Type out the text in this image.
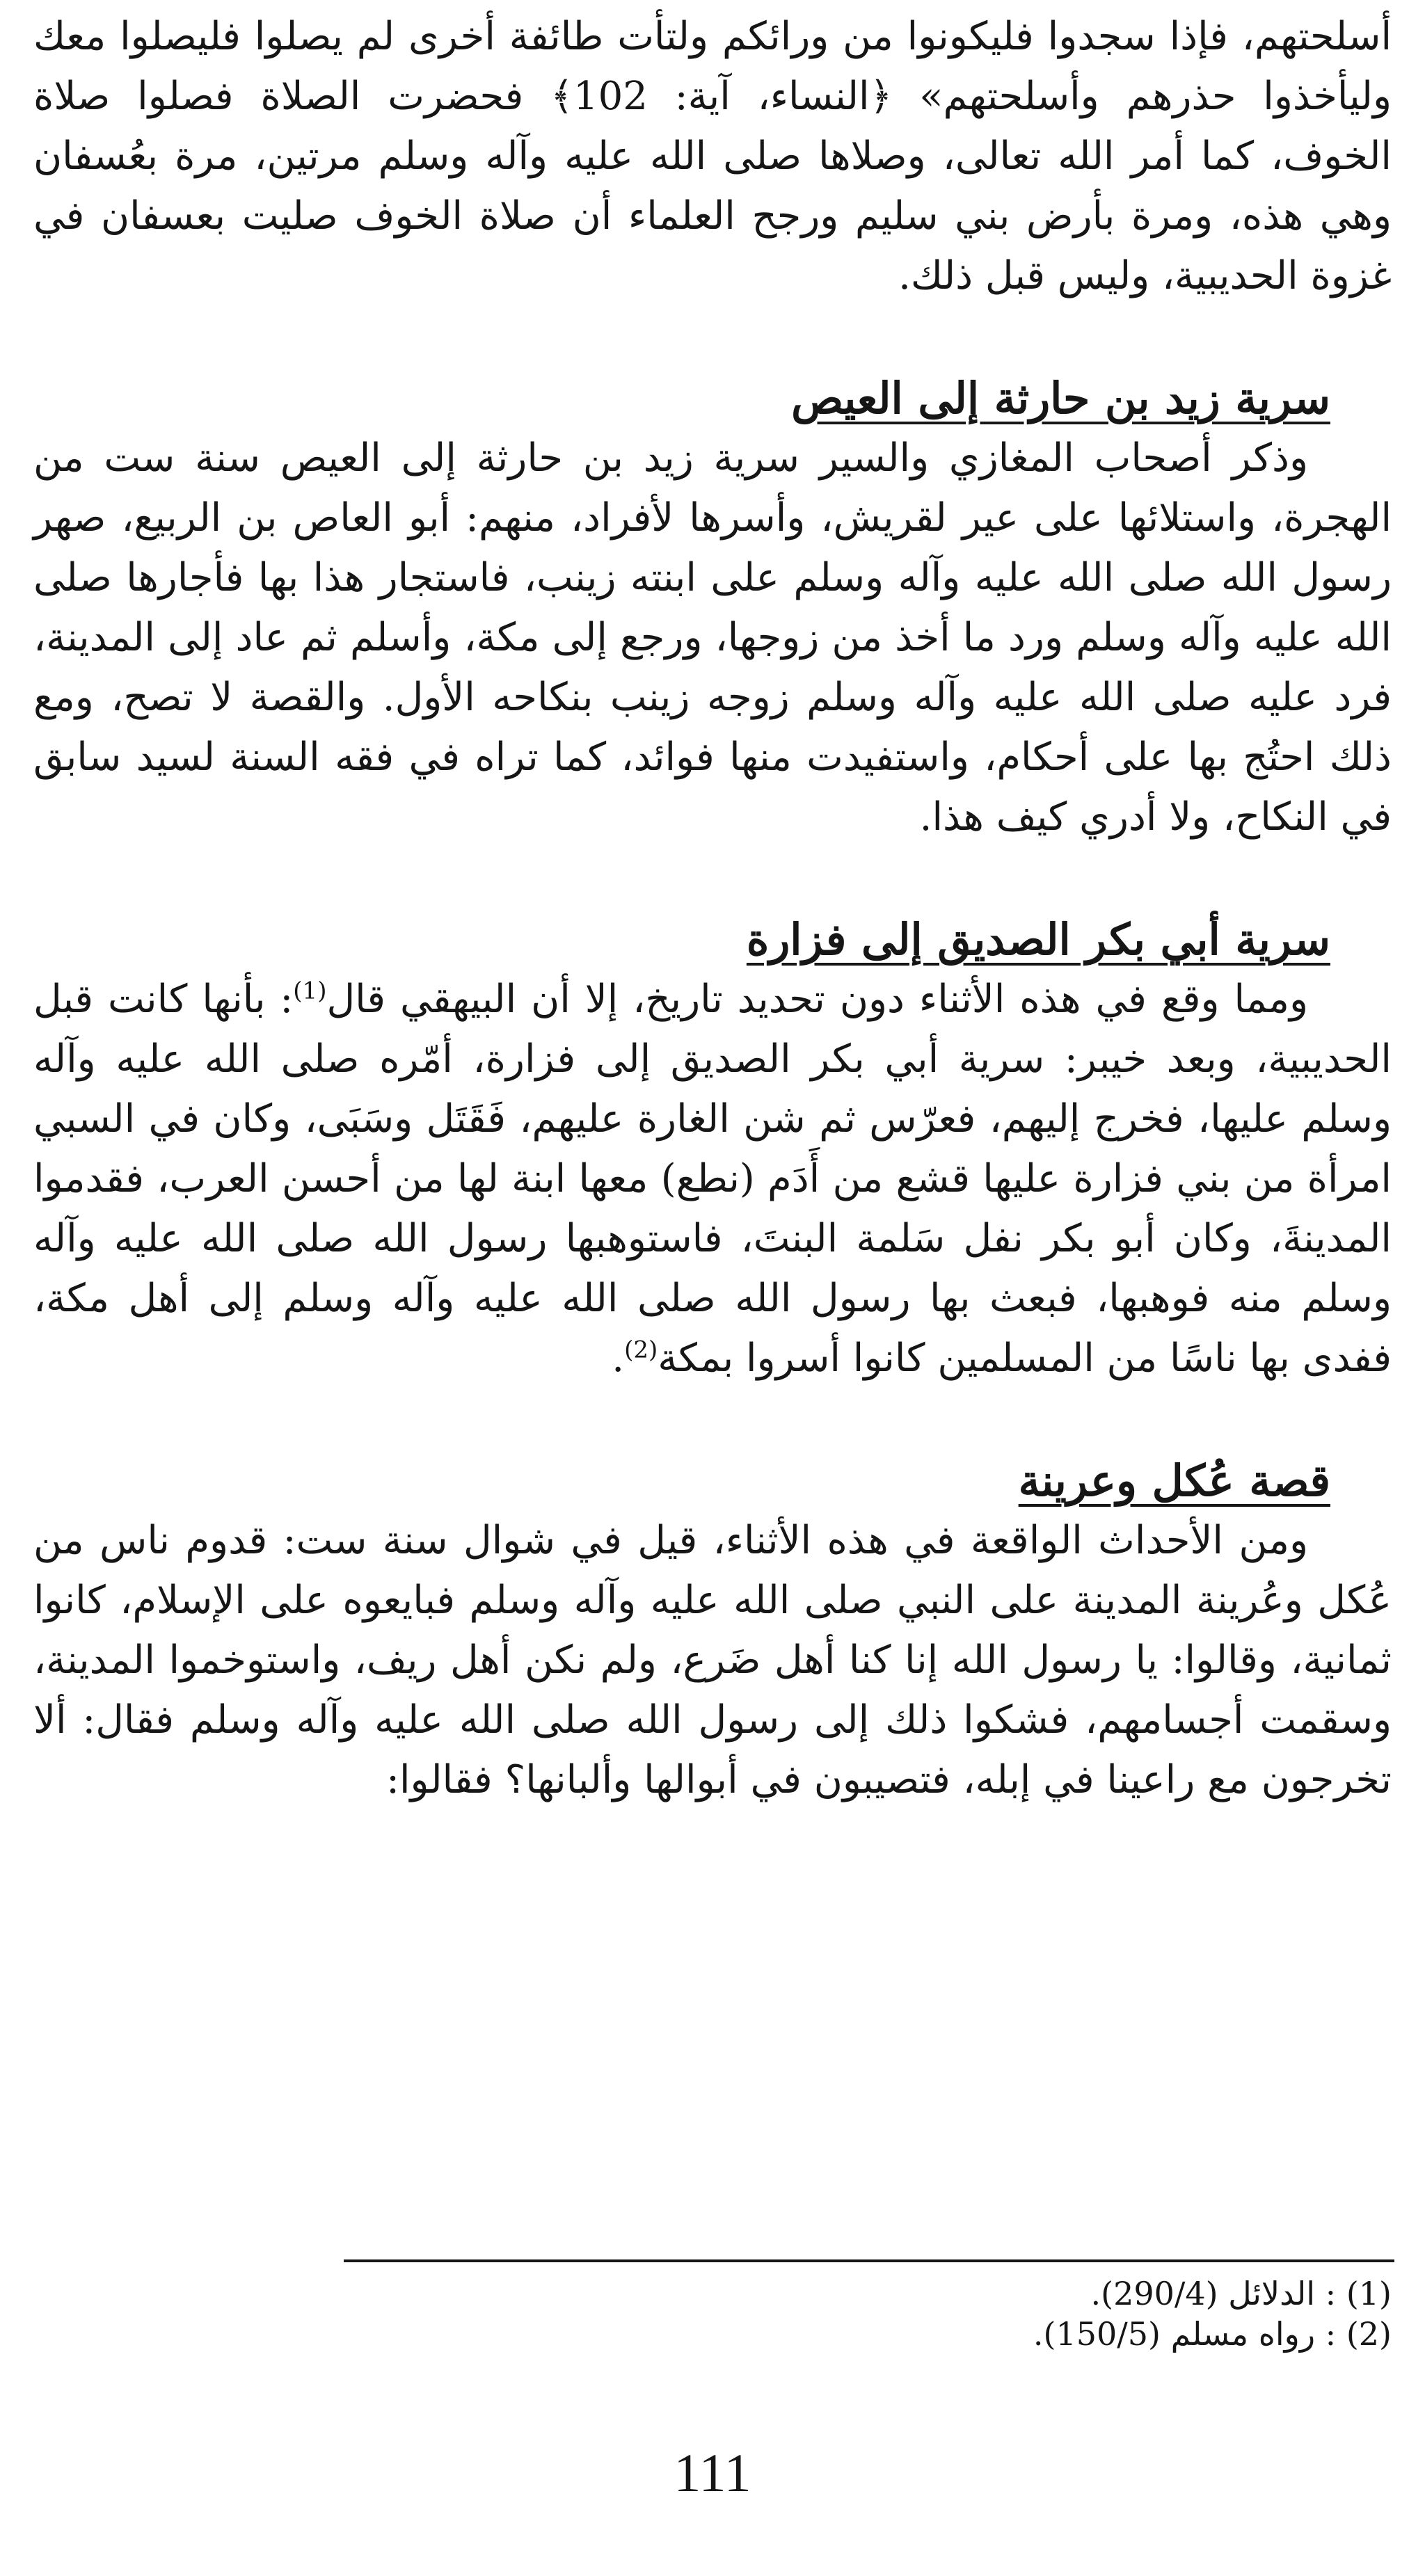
أسلحتهم، فإذا سجدوا فليكونوا من ورائكم ولتأت طائفة أخرى لم يصلوا فليصلوا معك وليأخذوا حذرهم وأسلحتهم» ﴿النساء، آية: 102﴾ فحضرت الصلاة فصلوا صلاة الخوف، كما أمر الله تعالى، وصلاها صلى الله عليه وآله وسلم مرتين، مرة بعُسفان وهي هذه، ومرة بأرض بني سليم ورجح العلماء أن صلاة الخوف صليت بعسفان في غزوة الحديبية، وليس قبل ذلك.

سرية زيد بن حارثة إلى العيص

وذكر أصحاب المغازي والسير سرية زيد بن حارثة إلى العيص سنة ست من الهجرة، واستلائها على عير لقريش، وأسرها لأفراد، منهم: أبو العاص بن الربيع، صهر رسول الله صلى الله عليه وآله وسلم على ابنته زينب، فاستجار هذا بها فأجارها صلى الله عليه وآله وسلم ورد ما أخذ من زوجها، ورجع إلى مكة، وأسلم ثم عاد إلى المدينة، فرد عليه صلى الله عليه وآله وسلم زوجه زينب بنكاحه الأول. والقصة لا تصح، ومع ذلك احتُج بها على أحكام، واستفيدت منها فوائد، كما تراه في فقه السنة لسيد سابق في النكاح، ولا أدري كيف هذا.

سرية أبي بكر الصديق إلى فزارة

ومما وقع في هذه الأثناء دون تحديد تاريخ، إلا أن البيهقي قال$^{(1)}$: بأنها كانت قبل الحديبية، وبعد خيبر: سرية أبي بكر الصديق إلى فزارة، أمّره صلى الله عليه وآله وسلم عليها، فخرج إليهم، فعرّس ثم شن الغارة عليهم، فَقَتَل وسَبَى، وكان في السبي امرأة من بني فزارة عليها قشع من أَدَم (نطع) معها ابنة لها من أحسن العرب، فقدموا المدينةَ، وكان أبو بكر نفل سَلمة البنتَ، فاستوهبها رسول الله صلى الله عليه وآله وسلم منه فوهبها، فبعث بها رسول الله صلى الله عليه وآله وسلم إلى أهل مكة، ففدى بها ناسًا من المسلمين كانوا أسروا بمكة$^{(2)}$.

قصة عُكل وعرينة

ومن الأحداث الواقعة في هذه الأثناء، قيل في شوال سنة ست: قدوم ناس من عُكل وعُرينة المدينة على النبي صلى الله عليه وآله وسلم فبايعوه على الإسلام، كانوا ثمانية، وقالوا: يا رسول الله إنا كنا أهل ضَرع، ولم نكن أهل ريف، واستوخموا المدينة، وسقمت أجسامهم، فشكوا ذلك إلى رسول الله صلى الله عليه وآله وسلم فقال: ألا تخرجون مع راعينا في إبله، فتصيبون في أبوالها وألبانها؟ فقالوا:

(1) : الدلائل (290/4).
(2) : رواه مسلم (150/5).
111
